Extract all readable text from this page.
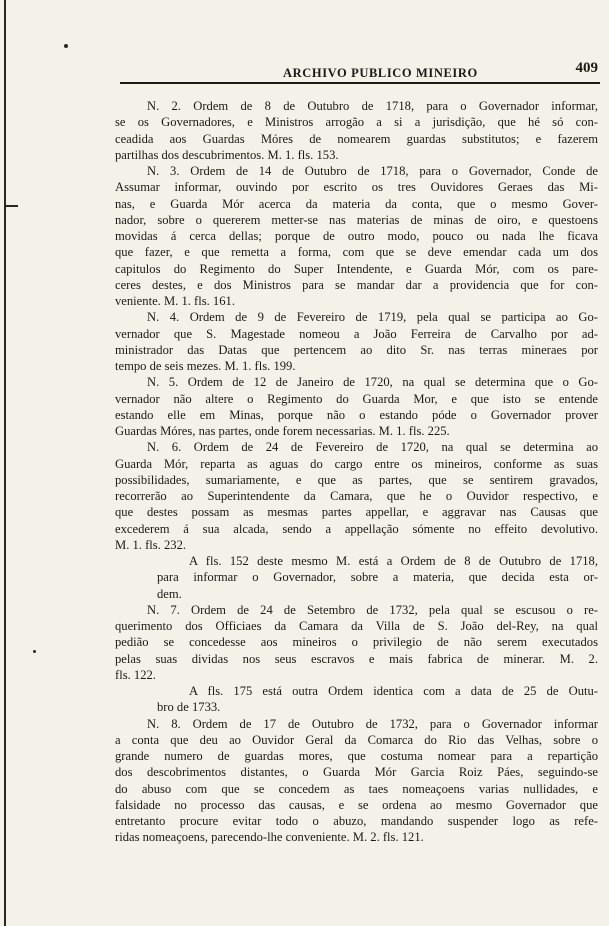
ARCHIVO PUBLICO MINEIRO	409
N. 2. Ordem de 8 de Outubro de 1718, para o Governador informar,
se os Governadores, e Ministros arrogão a si a jurisdição, que hé só con-
ceadida aos Guardas Móres de nomearem guardas substitutos; e fazerem
partilhas dos descubrimentos. M. 1. fls. 153.
N. 3. Ordem de 14 de Outubro de 1718, para o Governador, Conde de
Assumar informar, ouvindo por escrito os tres Ouvidores Geraes das Mi-
nas, e Guarda Mór acerca da materia da conta, que o mesmo Gover-
nador, sobre o quererem metter-se nas materias de minas de oiro, e questoens
movidas á cerca dellas; porque de outro modo, pouco ou nada lhe ficava
que fazer, e que remetta a forma, com que se deve emendar cada um dos
capitulos do Regimento do Super Intendente, e Guarda Mór, com os pare-
ceres destes, e dos Ministros para se mandar dar a providencia que for con-
veniente. M. 1. fls. 161.
N. 4. Ordem de 9 de Fevereiro de 1719, pela qual se participa ao Go-
vernador que S. Magestade nomeou a João Ferreira de Carvalho por ad-
ministrador das Datas que pertencem ao dito Sr. nas terras mineraes por
tempo de seis mezes. M. 1. fls. 199.
N. 5. Ordem de 12 de Janeiro de 1720, na qual se determina que o Go-
vernador não altere o Regimento do Guarda Mor, e que isto se entende
estando elle em Minas, porque não o estando póde o Governador prover
Guardas Móres, nas partes, onde forem necessarias. M. 1. fls. 225.
N. 6. Ordem de 24 de Fevereiro de 1720, na qual se determina ao
Guarda Mór, reparta as aguas do cargo entre os mineiros, conforme as suas
possibilidades, sumariamente, e que as partes, que se sentirem gravados,
recorrerão ao Superintendente da Camara, que he o Ouvidor respectivo, e
que destes possam as mesmas partes appellar, e aggravar nas Causas que
excederem á sua alcada, sendo a appellação sómente no effeito devolutivo.
M. 1. fls. 232.
A fls. 152 deste mesmo M. está a Ordem de 8 de Outubro de 1718,
para informar o Governador, sobre a materia, que decida esta or-
dem.
N. 7. Ordem de 24 de Setembro de 1732, pela qual se escusou o re-
querimento dos Officiaes da Camara da Villa de S. João del-Rey, na qual
pedião se concedesse aos mineiros o privilegio de não serem executados
pelas suas dividas nos seus escravos e mais fabrica de minerar. M. 2.
fls. 122.
A fls. 175 está outra Ordem identica com a data de 25 de Outu-
bro de 1733.
N. 8. Ordem de 17 de Outubro de 1732, para o Governador informar
a conta que deu ao Ouvidor Geral da Comarca do Rio das Velhas, sobre o
grande numero de guardas mores, que costuma nomear para a repartição
dos descobrimentos distantes, o Guarda Mór Garcia Roiz Páes, seguindo-se
do abuso com que se concedem as taes nomeaçoens varias nullidades, e
falsidade no processo das causas, e se ordena ao mesmo Governador que
entretanto procure evitar todo o abuzo, mandando suspender logo as refe-
ridas nomeaçoens, parecendo-lhe conveniente. M. 2. fls. 121.
